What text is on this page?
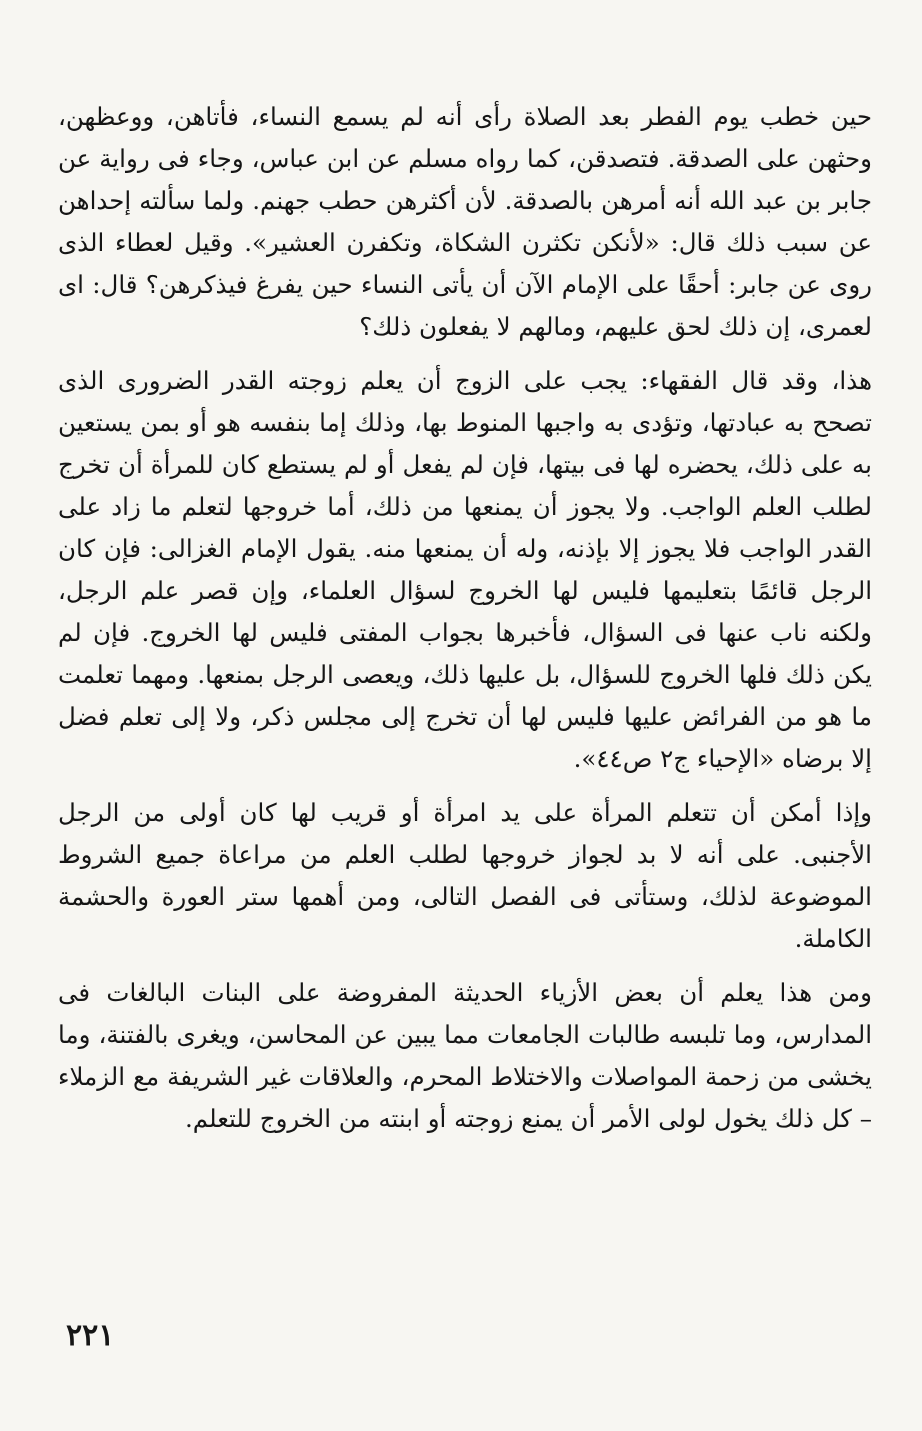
حين خطب يوم الفطر بعد الصلاة رأى أنه لم يسمع النساء، فأتاهن، ووعظهن، وحثهن على الصدقة. فتصدقن، كما رواه مسلم عن ابن عباس، وجاء فى رواية عن جابر بن عبد الله أنه أمرهن بالصدقة. لأن أكثرهن حطب جهنم. ولما سألته إحداهن عن سبب ذلك قال: «لأنكن تكثرن الشكاة، وتكفرن العشير». وقيل لعطاء الذى روى عن جابر: أحقًا على الإمام الآن أن يأتى النساء حين يفرغ فيذكرهن؟ قال: اى لعمرى، إن ذلك لحق عليهم، ومالهم لا يفعلون ذلك؟

هذا، وقد قال الفقهاء: يجب على الزوج أن يعلم زوجته القدر الضرورى الذى تصحح به عبادتها، وتؤدى به واجبها المنوط بها، وذلك إما بنفسه هو أو بمن يستعين به على ذلك، يحضره لها فى بيتها، فإن لم يفعل أو لم يستطع كان للمرأة أن تخرج لطلب العلم الواجب. ولا يجوز أن يمنعها من ذلك، أما خروجها لتعلم ما زاد على القدر الواجب فلا يجوز إلا بإذنه، وله أن يمنعها منه. يقول الإمام الغزالى: فإن كان الرجل قائمًا بتعليمها فليس لها الخروج لسؤال العلماء، وإن قصر علم الرجل، ولكنه ناب عنها فى السؤال، فأخبرها بجواب المفتى فليس لها الخروج. فإن لم يكن ذلك فلها الخروج للسؤال، بل عليها ذلك، ويعصى الرجل بمنعها. ومهما تعلمت ما هو من الفرائض عليها فليس لها أن تخرج إلى مجلس ذكر، ولا إلى تعلم فضل إلا برضاه «الإحياء ج٢ ص٤٤».

وإذا أمكن أن تتعلم المرأة على يد امرأة أو قريب لها كان أولى من الرجل الأجنبى. على أنه لا بد لجواز خروجها لطلب العلم من مراعاة جميع الشروط الموضوعة لذلك، وستأتى فى الفصل التالى، ومن أهمها ستر العورة والحشمة الكاملة.

ومن هذا يعلم أن بعض الأزياء الحديثة المفروضة على البنات البالغات فى المدارس، وما تلبسه طالبات الجامعات مما يبين عن المحاسن، ويغرى بالفتنة، وما يخشى من زحمة المواصلات والاختلاط المحرم، والعلاقات غير الشريفة مع الزملاء – كل ذلك يخول لولى الأمر أن يمنع زوجته أو ابنته من الخروج للتعلم.

٢٢١
